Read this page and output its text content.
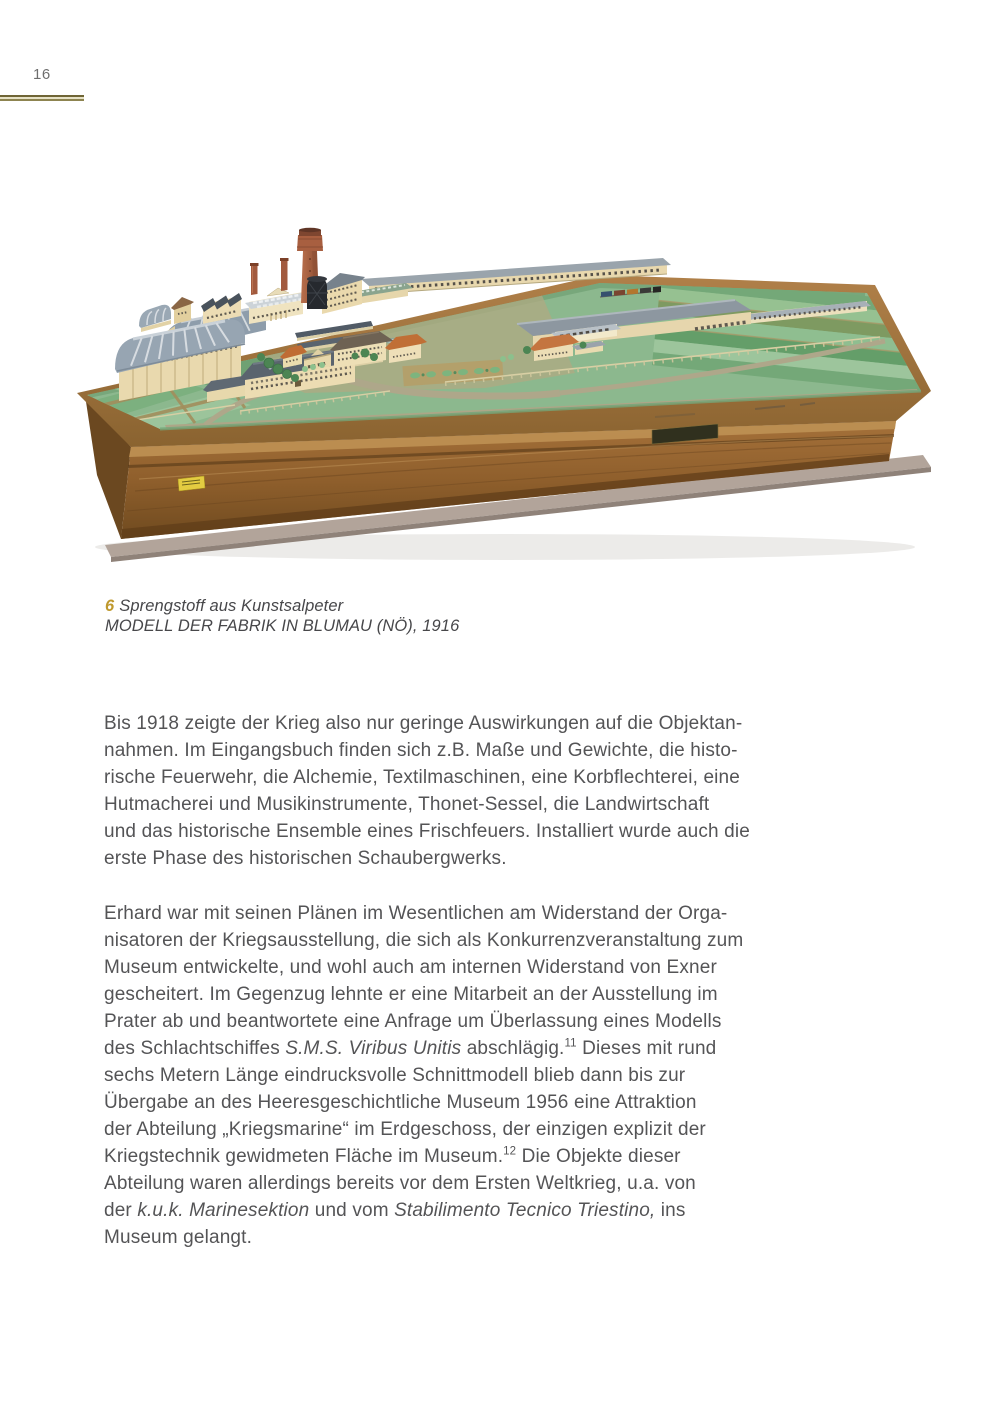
16
6 Sprengstoff aus Kunstsalpeter
MODELL DER FABRIK IN BLUMAU (NÖ), 1916
Bis 1918 zeigte der Krieg also nur geringe Auswirkungen auf die Objektan-
nahmen. Im Eingangsbuch finden sich z.B. Maße und Gewichte, die histo-
rische Feuerwehr, die Alchemie, Textilmaschinen, eine Korbflechterei, eine
Hutmacherei und Musikinstrumente, Thonet-Sessel, die Landwirtschaft
und das historische Ensemble eines Frischfeuers. Installiert wurde auch die
erste Phase des historischen Schaubergwerks.
Erhard war mit seinen Plänen im Wesentlichen am Widerstand der Orga-
nisatoren der Kriegsausstellung, die sich als Konkurrenzveranstaltung zum
Museum entwickelte, und wohl auch am internen Widerstand von Exner
gescheitert. Im Gegenzug lehnte er eine Mitarbeit an der Ausstellung im
Prater ab und beantwortete eine Anfrage um Überlassung eines Modells
des Schlachtschiffes S.M.S. Viribus Unitis abschlägig.$^{11}$ Dieses mit rund
sechs Metern Länge eindrucksvolle Schnittmodell blieb dann bis zur
Übergabe an des Heeresgeschichtliche Museum 1956 eine Attraktion
der Abteilung „Kriegsmarine“ im Erdgeschoss, der einzigen explizit der
Kriegstechnik gewidmeten Fläche im Museum.$^{12}$ Die Objekte dieser
Abteilung waren allerdings bereits vor dem Ersten Weltkrieg, u.a. von
der k.u.k. Marinesektion und vom Stabilimento Tecnico Triestino, ins
Museum gelangt.
